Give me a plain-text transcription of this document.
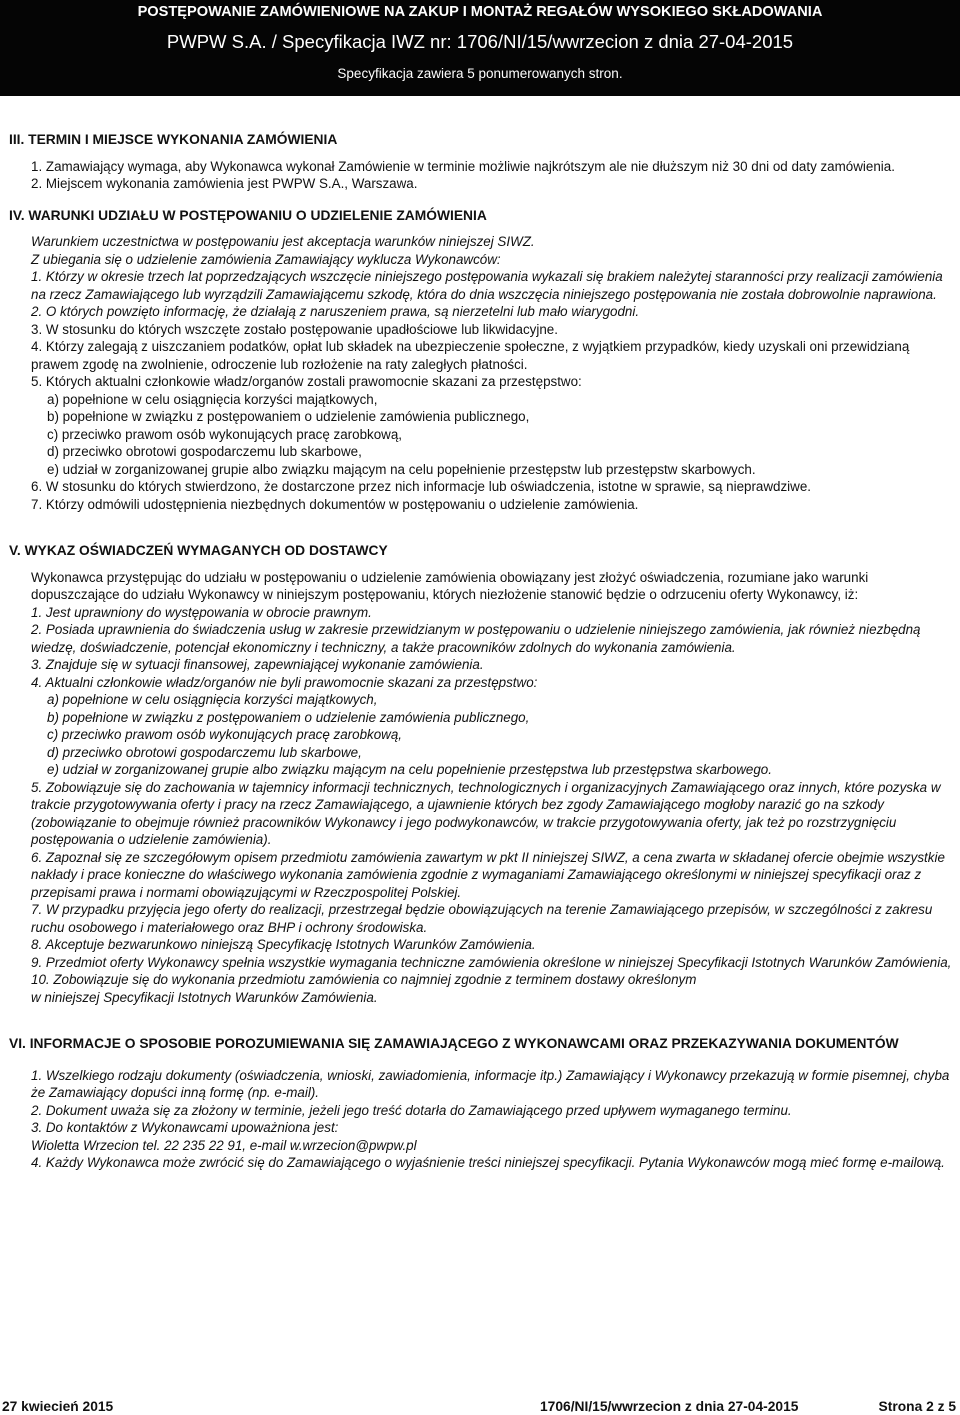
POSTĘPOWANIE ZAMÓWIENIOWE NA ZAKUP I MONTAŻ REGAŁÓW WYSOKIEGO SKŁADOWANIA
PWPW S.A. / Specyfikacja IWZ nr: 1706/NI/15/wwrzecion z dnia 27-04-2015
Specyfikacja zawiera 5 ponumerowanych stron.

III. TERMIN I MIEJSCE WYKONANIA ZAMÓWIENIA

1. Zamawiający wymaga, aby Wykonawca wykonał Zamówienie w terminie możliwie najkrótszym ale nie dłuższym niż 30 dni od daty zamówienia.

2. Miejscem wykonania zamówienia jest PWPW S.A., Warszawa.

IV. WARUNKI UDZIAŁU W POSTĘPOWANIU O UDZIELENIE ZAMÓWIENIA

Warunkiem uczestnictwa w postępowaniu jest akceptacja warunków niniejszej SIWZ.

Z ubiegania się o udzielenie zamówienia Zamawiający wyklucza Wykonawców:

1. Którzy w okresie trzech lat poprzedzających wszczęcie niniejszego postępowania wykazali się brakiem należytej staranności przy realizacji zamówienia na rzecz Zamawiającego lub wyrządzili Zamawiającemu szkodę, która do dnia wszczęcia niniejszego postępowania nie została dobrowolnie naprawiona.

2. O których powzięto informację, że działają z naruszeniem prawa, są nierzetelni lub mało wiarygodni.

3. W stosunku do których wszczęte zostało postępowanie upadłościowe lub likwidacyjne.

4. Którzy zalegają z uiszczaniem podatków, opłat lub składek na ubezpieczenie społeczne, z wyjątkiem przypadków, kiedy uzyskali oni przewidzianą prawem zgodę na zwolnienie, odroczenie lub rozłożenie na raty zaległych płatności.

5. Których aktualni członkowie władz/organów zostali prawomocnie skazani za przestępstwo:

a) popełnione w celu osiągnięcia korzyści majątkowych,

b) popełnione w związku z postępowaniem o udzielenie zamówienia publicznego,

c) przeciwko prawom osób wykonujących pracę zarobkową,

d) przeciwko obrotowi gospodarczemu lub skarbowe,

e) udział w zorganizowanej grupie albo związku mającym na celu popełnienie przestępstw lub przestępstw skarbowych.

6. W stosunku do których stwierdzono, że dostarczone przez nich informacje lub oświadczenia, istotne w sprawie, są nieprawdziwe.

7. Którzy odmówili udostępnienia niezbędnych dokumentów w postępowaniu o udzielenie zamówienia.

V. WYKAZ OŚWIADCZEŃ WYMAGANYCH OD DOSTAWCY

Wykonawca przystępując do udziału w postępowaniu o udzielenie zamówienia obowiązany jest złożyć oświadczenia, rozumiane jako warunki dopuszczające do udziału Wykonawcy w niniejszym postępowaniu, których niezłożenie stanowić będzie o odrzuceniu oferty Wykonawcy, iż:

1. Jest uprawniony do występowania w obrocie prawnym.

2. Posiada uprawnienia do świadczenia usług w zakresie przewidzianym w postępowaniu o udzielenie niniejszego zamówienia, jak również niezbędną wiedzę, doświadczenie, potencjał ekonomiczny i techniczny, a także pracowników zdolnych do wykonania zamówienia.

3. Znajduje się w sytuacji finansowej, zapewniającej wykonanie zamówienia.

4. Aktualni członkowie władz/organów nie byli prawomocnie skazani za przestępstwo:

a) popełnione w celu osiągnięcia korzyści majątkowych,

b) popełnione w związku z postępowaniem o udzielenie zamówienia publicznego,

c) przeciwko prawom osób wykonujących pracę zarobkową,

d) przeciwko obrotowi gospodarczemu lub skarbowe,

e) udział w zorganizowanej grupie albo związku mającym na celu popełnienie przestępstwa lub przestępstwa skarbowego.

5. Zobowiązuje się do zachowania w tajemnicy informacji technicznych, technologicznych i organizacyjnych Zamawiającego oraz innych, które pozyska w trakcie przygotowywania oferty i pracy na rzecz Zamawiającego, a ujawnienie których bez zgody Zamawiającego mogłoby narazić go na szkody (zobowiązanie to obejmuje również pracowników Wykonawcy i jego podwykonawców, w trakcie przygotowywania oferty, jak też po rozstrzygnięciu postępowania o udzielenie zamówienia).

6. Zapoznał się ze szczegółowym opisem przedmiotu zamówienia zawartym w pkt II niniejszej SIWZ, a cena zwarta w składanej ofercie obejmie wszystkie nakłady i prace konieczne do właściwego wykonania zamówienia zgodnie z wymaganiami Zamawiającego określonymi w niniejszej specyfikacji oraz z przepisami prawa i normami obowiązującymi w Rzeczpospolitej Polskiej.

7. W przypadku przyjęcia jego oferty do realizacji, przestrzegał będzie obowiązujących na terenie Zamawiającego przepisów, w szczególności z zakresu ruchu osobowego i materiałowego oraz BHP i ochrony środowiska.

8. Akceptuje bezwarunkowo niniejszą Specyfikację Istotnych Warunków Zamówienia.

9. Przedmiot oferty Wykonawcy spełnia wszystkie wymagania techniczne zamówienia określone w niniejszej Specyfikacji Istotnych Warunków Zamówienia,

10. Zobowiązuje się do wykonania przedmiotu zamówienia co najmniej zgodnie z terminem dostawy określonym

w niniejszej Specyfikacji Istotnych Warunków Zamówienia.

VI. INFORMACJE O SPOSOBIE POROZUMIEWANIA SIĘ ZAMAWIAJĄCEGO Z WYKONAWCAMI ORAZ PRZEKAZYWANIA DOKUMENTÓW

1. Wszelkiego rodzaju dokumenty (oświadczenia, wnioski, zawiadomienia, informacje itp.) Zamawiający i Wykonawcy przekazują w formie pisemnej, chyba że Zamawiający dopuści inną formę (np. e-mail).

2. Dokument uważa się za złożony w terminie, jeżeli jego treść dotarła do Zamawiającego przed upływem wymaganego terminu.

3. Do kontaktów z Wykonawcami upoważniona jest:

Wioletta Wrzecion tel. 22 235 22 91, e-mail w.wrzecion@pwpw.pl

4. Każdy Wykonawca może zwrócić się do Zamawiającego o wyjaśnienie treści niniejszej specyfikacji. Pytania Wykonawców mogą mieć formę e-mailową.

27 kwiecień 2015	1706/NI/15/wwrzecion z dnia 27-04-2015	Strona 2 z 5
